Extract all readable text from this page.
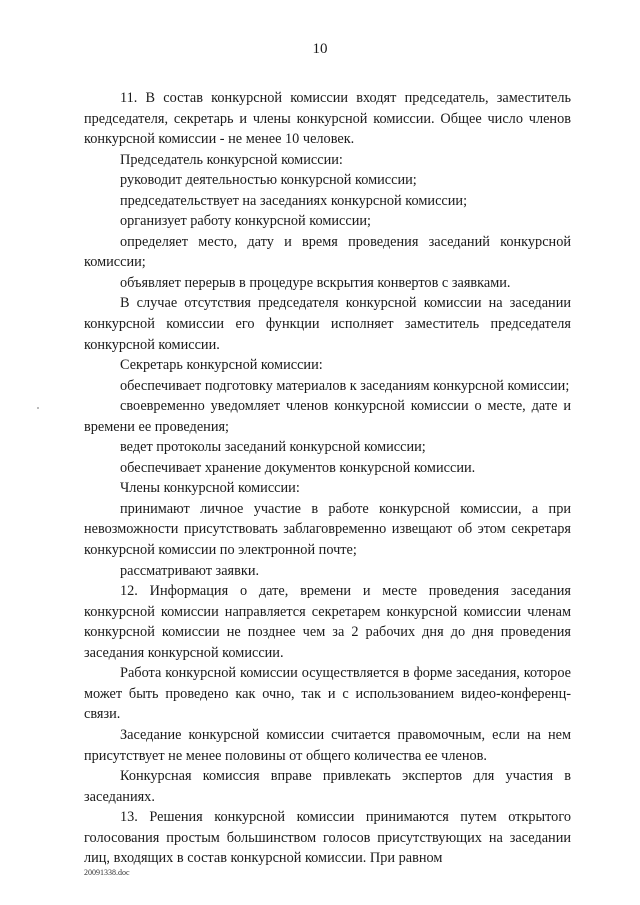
10

11. В состав конкурсной комиссии входят председатель, заместитель председателя, секретарь и члены конкурсной комиссии. Общее число членов конкурсной комиссии - не менее 10 человек.

Председатель конкурсной комиссии:

руководит деятельностью конкурсной комиссии;

председательствует на заседаниях конкурсной комиссии;

организует работу конкурсной комиссии;

определяет место, дату и время проведения заседаний конкурсной комиссии;

объявляет перерыв в процедуре вскрытия конвертов с заявками.

В случае отсутствия председателя конкурсной комиссии на заседании конкурсной комиссии его функции исполняет заместитель председателя конкурсной комиссии.

Секретарь конкурсной комиссии:

обеспечивает подготовку материалов к заседаниям конкурсной комиссии;

своевременно уведомляет членов конкурсной комиссии о месте, дате и времени ее проведения;

ведет протоколы заседаний конкурсной комиссии;

обеспечивает хранение документов конкурсной комиссии.

Члены конкурсной комиссии:

принимают личное участие в работе конкурсной комиссии, а при невозможности присутствовать заблаговременно извещают об этом секретаря конкурсной комиссии по электронной почте;

рассматривают заявки.

12. Информация о дате, времени и месте проведения заседания конкурсной комиссии направляется секретарем конкурсной комиссии членам конкурсной комиссии не позднее чем за 2 рабочих дня до дня проведения заседания конкурсной комиссии.

Работа конкурсной комиссии осуществляется в форме заседания, которое может быть проведено как очно, так и с использованием видео-конференц-связи.

Заседание конкурсной комиссии считается правомочным, если на нем присутствует не менее половины от общего количества ее членов.

Конкурсная комиссия вправе привлекать экспертов для участия в заседаниях.

13. Решения конкурсной комиссии принимаются путем открытого голосования простым большинством голосов присутствующих на заседании лиц, входящих в состав конкурсной комиссии. При равном

20091338.doc
